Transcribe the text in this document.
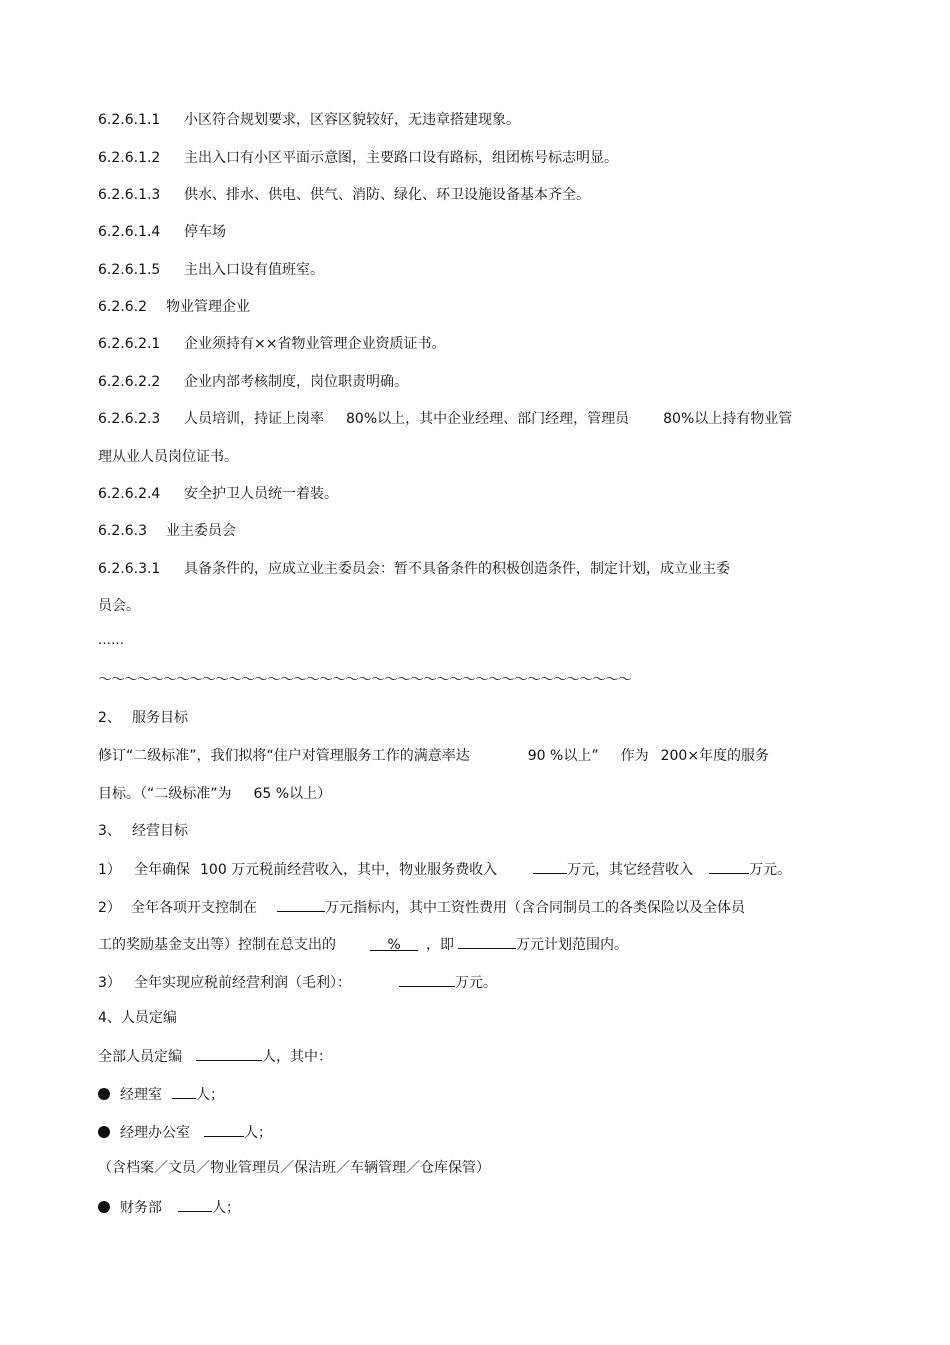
6.2.6.1.1 小区符合规划要求，区容区貌较好，无违章搭建现象。
6.2.6.1.2 主出入口有小区平面示意图，主要路口设有路标，组团栋号标志明显。
6.2.6.1.3 供水、排水、供电、供气、消防、绿化、环卫设施设备基本齐全。
6.2.6.1.4 停车场
6.2.6.1.5 主出入口设有值班室。
6.2.6.2 物业管理企业
6.2.6.2.1 企业须持有××省物业管理企业资质证书。
6.2.6.2.2 企业内部考核制度，岗位职责明确。
6.2.6.2.3 人员培训，持证上岗率 80%以上，其中企业经理、部门经理，管理员 80%以上持有物业管
理从业人员岗位证书。
6.2.6.2.4 安全护卫人员统一着装。
6.2.6.3 业主委员会
6.2.6.3.1 具备条件的，应成立业主委员会：暂不具备条件的积极创造条件，制定计划，成立业主委
员会。
……
～～～～～～～～～～～～～～～～～～～～～～～～～～～～～～～～～～～～～～～～～
2、 服务目标
修订“二级标准”，我们拟将“住户对管理服务工作的满意率达	90 %以上” 作为 200×年度的服务
目标。（“二级标准”为 65 %以上）
3、 经营目标
1） 全年确保 100 万元税前经营收入，其中，物业服务费收入	万元，其它经营收入	万元。
2） 全年各项开支控制在	万元指标内，其中工资性费用（含合同制员工的各类保险以及全体员
工的奖励基金支出等）控制在总支出的	% ，即	万元计划范围内。
3） 全年实现应税前经营利润（毛利）：	万元。
4、人员定编
全部人员定编	人，其中：
经理室 人；
经理办公室	人；
（含档案／文员／物业管理员／保洁班／车辆管理／仓库保管）
财务部	人；
